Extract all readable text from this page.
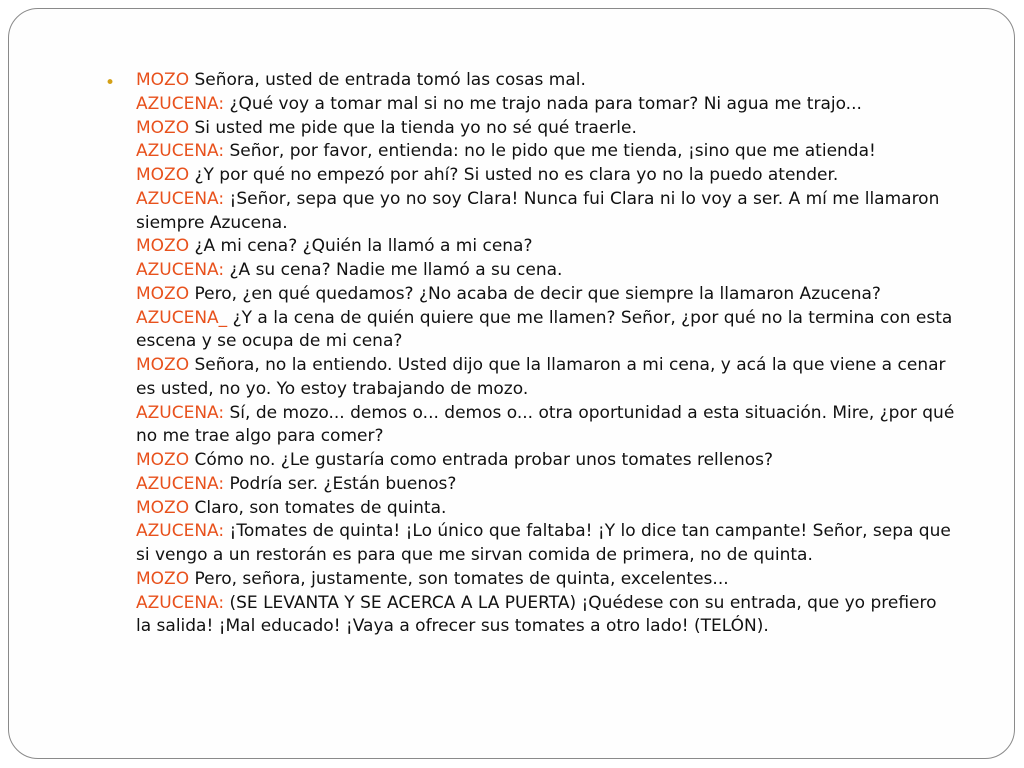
• MOZO Señora, usted de entrada tomó las cosas mal.
AZUCENA: ¿Qué voy a tomar mal si no me trajo nada para tomar? Ni agua me trajo...
MOZO Si usted me pide que la tienda yo no sé qué traerle.
AZUCENA: Señor, por favor, entienda: no le pido que me tienda, ¡sino que me atienda!
MOZO ¿Y por qué no empezó por ahí? Si usted no es clara yo no la puedo atender.
AZUCENA: ¡Señor, sepa que yo no soy Clara! Nunca fui Clara ni lo voy a ser. A mí me llamaron siempre Azucena.
MOZO ¿A mi cena? ¿Quién la llamó a mi cena?
AZUCENA: ¿A su cena? Nadie me llamó a su cena.
MOZO Pero, ¿en qué quedamos? ¿No acaba de decir que siempre la llamaron Azucena?
AZUCENA_ ¿Y a la cena de quién quiere que me llamen? Señor, ¿por qué no la termina con esta escena y se ocupa de mi cena?
MOZO Señora, no la entiendo. Usted dijo que la llamaron a mi cena, y acá la que viene a cenar es usted, no yo. Yo estoy trabajando de mozo.
AZUCENA: Sí, de mozo... demos o... demos o... otra oportunidad a esta situación. Mire, ¿por qué no me trae algo para comer?
MOZO Cómo no. ¿Le gustaría como entrada probar unos tomates rellenos?
AZUCENA: Podría ser. ¿Están buenos?
MOZO Claro, son tomates de quinta.
AZUCENA: ¡Tomates de quinta! ¡Lo único que faltaba! ¡Y lo dice tan campante! Señor, sepa que si vengo a un restorán es para que me sirvan comida de primera, no de quinta.
MOZO Pero, señora, justamente, son tomates de quinta, excelentes...
AZUCENA: (SE LEVANTA Y SE ACERCA A LA PUERTA) ¡Quédese con su entrada, que yo prefiero la salida! ¡Mal educado! ¡Vaya a ofrecer sus tomates a otro lado! (TELÓN).
